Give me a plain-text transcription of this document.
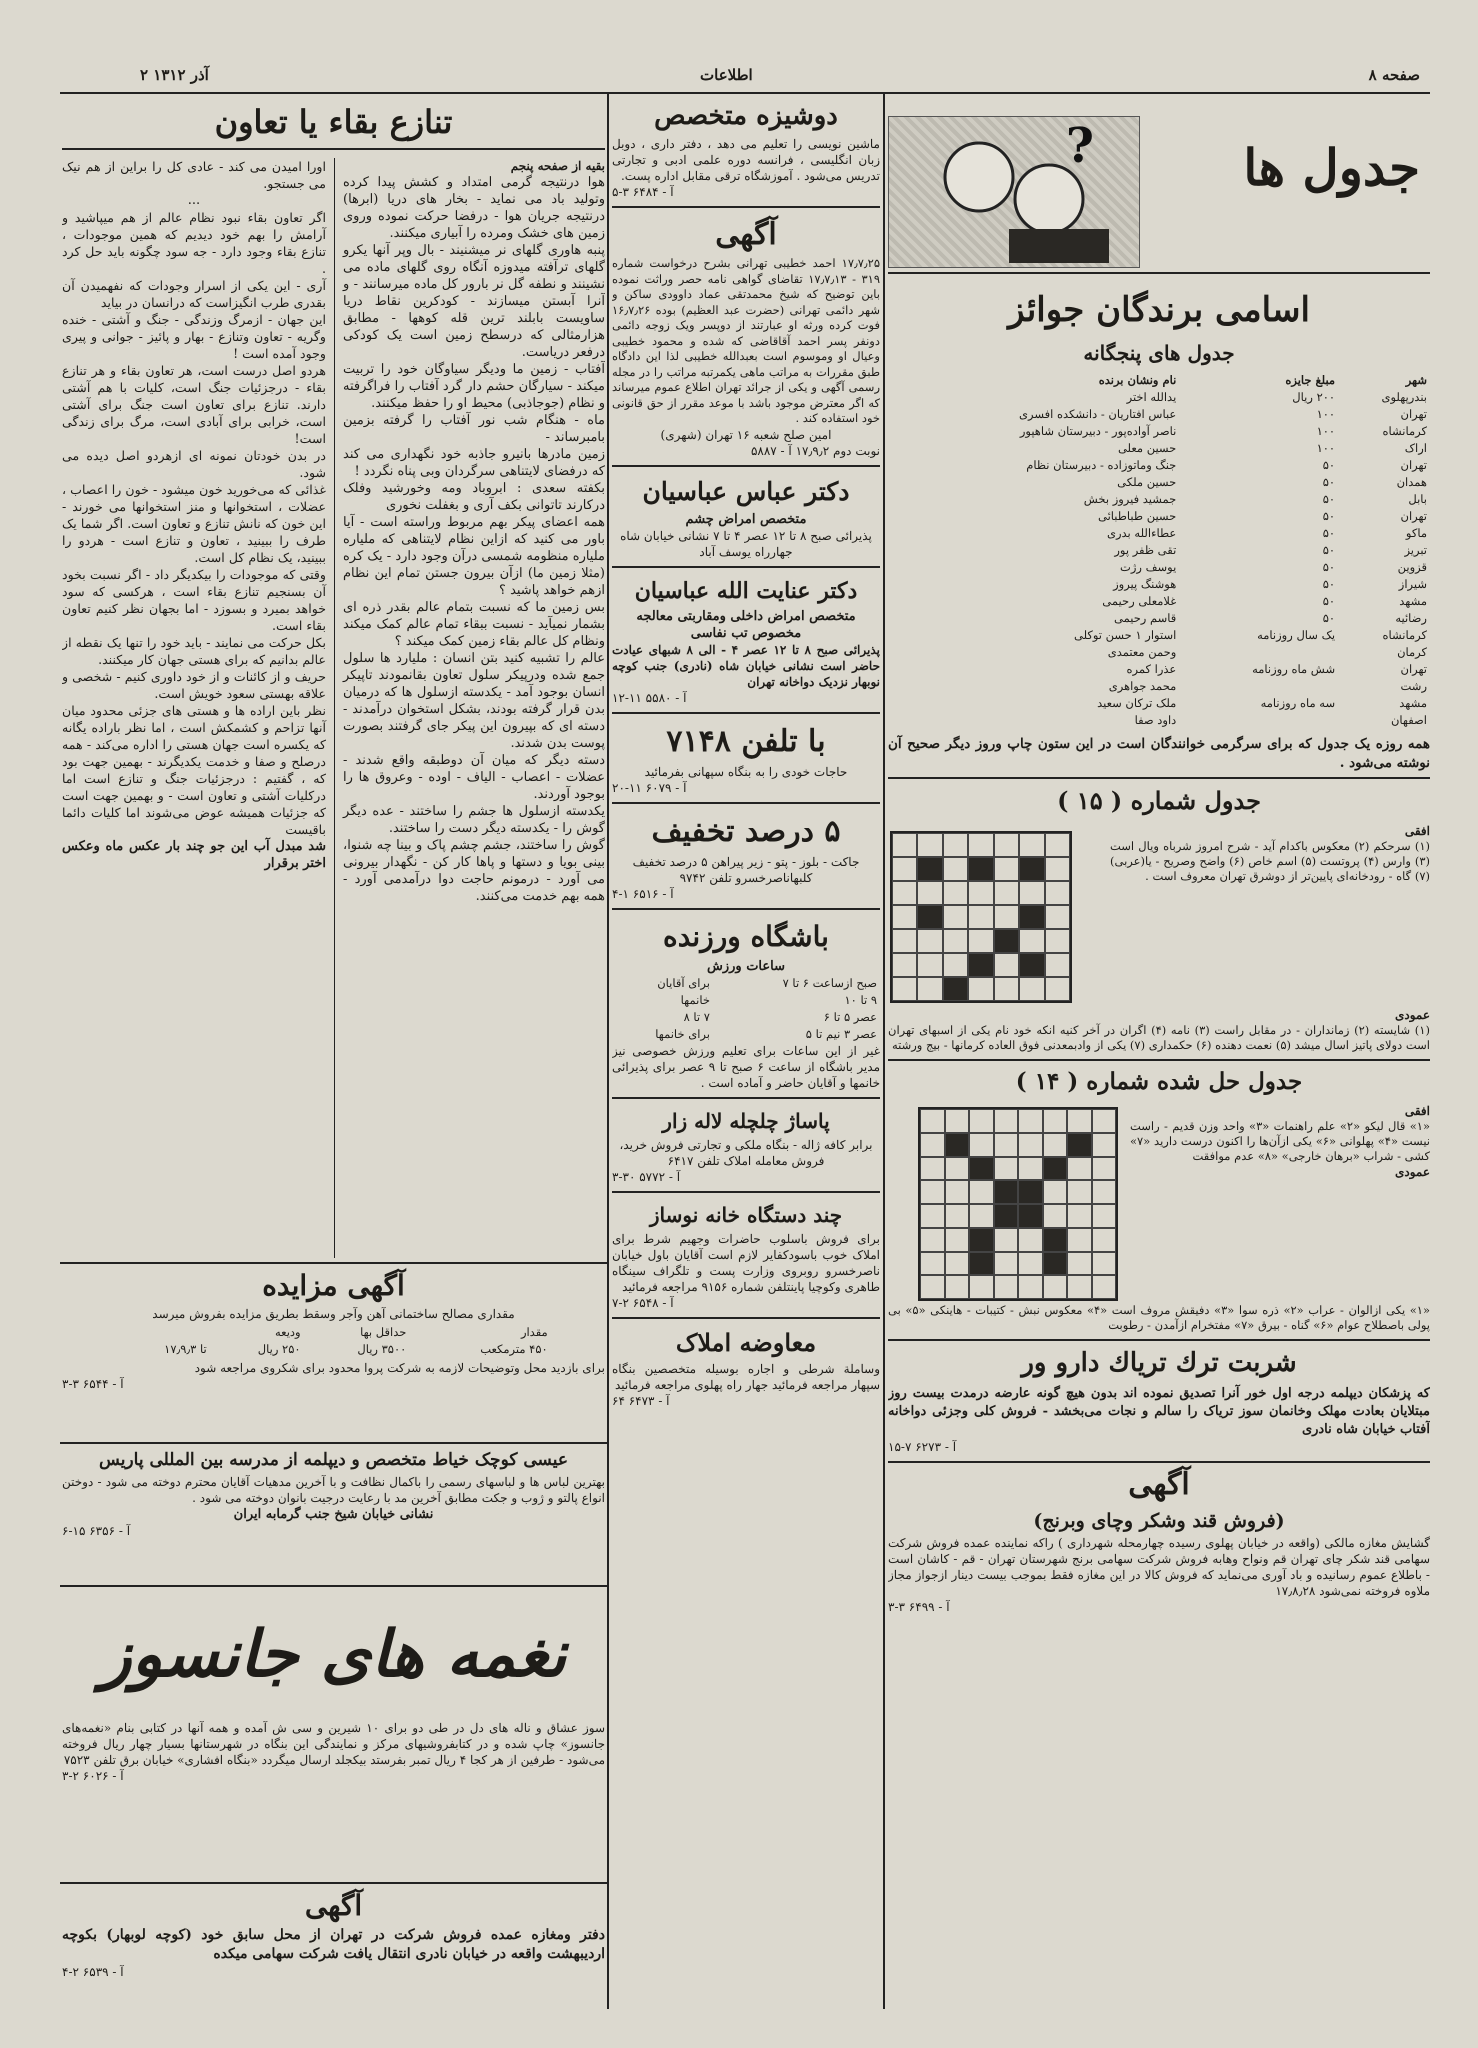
صفحه ۸
اطلاعات
۲ آذر ۱۳۱۲
تنازع بقاء یا تعاون

بقیه از صفحه پنجم

هوا درنتیجه گرمی امتداد و کشش پیدا کرده وتولید باد می نماید - بخار های دریا (ابرها) درنتیجه جریان هوا - درفضا حرکت نموده وروی زمین های خشک ومرده را آبیاری میکنند.

پنبه هاوری گلهای نر میشنیند - بال وپر آنها یکرو گلهای ترآفته میدوزه آنگاه روی گلهای ماده می نشینند و نطفه گل نر بارور کل ماده میرسانند - و آنرا آبستن میسازند - کودکرین نقاط دریا ساویست بابلند ترین قله کوهها - مطابق هزارمثالی که درسطح زمین است یک کودکی درفعر دریاست.

آفتاب - زمین ما ودیگر سیاوگان خود را تربیت میکند - سیارگان حشم دار گرد آفتاب را فراگرفته و نظام (جوجاذبی) محیط او را حفظ میکنند.

ماه - هنگام شب نور آفتاب را گرفته بزمین بامبرساند -

زمین مادرها بانیرو جاذبه خود نگهداری می کند که درفضای لایتناهی سرگردان وبی پناه نگردد !

بکفته سعدی : ابروباد ومه وخورشید وفلک درکارند تاتوانی بکف آری و بغفلت نخوری

همه اعضای پیکر بهم مربوط وراسته است - آیا باور می کنید که ازاین نظام لایتناهی که ملیاره ملیاره منظومه شمسی درآن وجود دارد - یک کره (مثلا زمین ما) ازآن بیرون جستن تمام این نظام ازهم خواهد پاشید ؟

بس زمین ما که نسبت بتمام عالم بقدر ذره ای بشمار نمیآید - نسبت ببقاء تمام عالم کمک میکند ونظام کل عالم بقاء زمین کمک میکند ؟

عالم را تشبیه کنید بتن انسان : ملیارد ها سلول جمع شده ودرپیکر سلول تعاون بقانمودند تاپیکر انسان بوجود آمد - یکدسته ازسلول ها که درمیان بدن قرار گرفته بودند، بشکل استخوان درآمدند - دسته ای که بپیرون این پیکر جای گرفتند بصورت پوست بدن شدند.

دسته دیگر که میان آن دوطبقه واقع شدند - عضلات - اعصاب - الیاف - اوده - وعروق ها را بوجود آوردند.

یکدسته ازسلول ها جشم را ساختند - عده دیگر گوش را - یکدسته دیگر دست را ساختند.

گوش را ساختند، جشم چشم پاک و بینا چه شنوا، بینی بویا و دستها و پاها کار کن - نگهدار بیرونی می آورد - درمونم حاجت دوا درآمدمی آورد - همه بهم خدمت می‌کنند.

اورا امیدن می کند - عادی کل را براین از هم نیک می جستجو.

...

اگر تعاون بقاء نبود نظام عالم از هم میپاشید و آرامش را بهم خود دیدیم که همین موجودات ، تنازع بقاء وجود دارد - جه سود چگونه باید حل کرد .

آری - این یکی از اسرار وجودات که نفهمیدن آن بقدری طرب انگیزاست که درانسان در بیاید

این جهان - ازمرگ وزندگی - جنگ و آشتی - خنده وگریه - تعاون وتنازع - بهار و پائیز - جوانی و پیری وجود آمده است !

هردو اصل درست است، هر تعاون بقاء و هر تنازع بقاء - درجزئیات جنگ است، کلیات با هم آشتی دارند. تنازع برای تعاون است جنگ برای آشتی است، خرابی برای آبادی است، مرگ برای زندگی است!

در بدن خودتان نمونه ای ازهردو اصل دیده می شود.

غذائی که می‌خورید خون میشود - خون را اعصاب ، عضلات ، استخوانها و منز استخوانها می خورند - این خون که نانش تنازع و تعاون است. اگر شما یک طرف را ببینید ، تعاون و تنازع است - هردو را ببینید، یک نظام کل است.

وقتی که موجودات را بیکدیگر داد - اگر نسبت بخود آن بسنجیم تنازع بقاء است ، هرکسی که سود خواهد بمیرد و بسوزد - اما بجهان نظر کنیم تعاون بقاء است.

بکل حرکت می نمایند - باید خود را تنها یک نقطه از عالم بدانیم که برای هستی جهان کار میکنند.

حریف و از کائنات و از خود داوری کنیم - شخصی و علاقه بهستی سعود خویش است.

نظر باین اراده ها و هستی های جزئی محدود میان آنها تزاحم و کشمکش است ، اما نظر باراده یگانه که یکسره است جهان هستی را اداره می‌کند - همه درصلح و صفا و خدمت یکدیگرند - بهمین جهت بود که ، گفتیم : درجزئیات جنگ و تنازع است اما درکلیات آشتی و تعاون است - و بهمین جهت است که جزئیات همیشه عوض می‌شوند اما کلیات دائما باقیست

شد مبدل آب این جو چند بار عکس ماه وعکس اختر برقرار

آگهی مزایده

مقداری مصالح ساختمانی آهن وآجر وسقط بطریق مزایده بفروش میرسد

مقدار	حداقل بها	ودیعه	
۴۵۰ مترمکعب	۳۵۰۰ ریال	۲۵۰ ریال	تا ۱۷٫۹٫۳

برای بازدید محل وتوضیحات لازمه به شرکت پروا محدود برای شکروی مراجعه شود

آ - ۶۵۴۴ ۳-۳

عیسی کوچک خیاط متخصص و دیپلمه از مدرسه بین المللی پاریس

بهترین لباس ها و لباسهای رسمی را باکمال نظافت و با آخرین مدهیات آقایان محترم دوخته می شود - دوختن انواع پالتو و ژوب و جکت مطابق آخرین مد با رعایت درجیت بانوان دوخته می شود .

نشانی خیابان شیخ جنب گرمابه ایران

آ - ۶۳۵۶ ۱۵-۶

نغمه های جانسوز

سوز عشاق و ناله های دل در طی دو برای ۱۰ شیرین و سی ش آمده و همه آنها در کتابی بنام «نغمه‌های جانسوز» چاپ شده و در کتابفروشیهای مرکز و نمایندگی این بنگاه در شهرستانها بسیار چهار ریال فروخته می‌شود - طرفین از هر کجا ۴ ریال تمبر بفرستد بیکجلد ارسال میگردد «بنگاه افشاری» خیابان برق تلفن ۷۵۲۳

آ - ۶۰۲۶ ۲-۳

آگهی

دفتر ومغازه عمده فروش شرکت در تهران از محل سابق خود (کوچه لوبهار) بکوچه اردیبهشت واقعه در خیابان نادری انتقال یافت شرکت سهامی میکده

آ - ۶۵۳۹ ۲-۴

دوشیزه متخصص

ماشین نویسی را تعلیم می دهد ، دفتر داری ، دوبل زبان انگلیسی ، فرانسه دوره علمی ادبی و تجارتی تدریس می‌شود . آموزشگاه ترقی مقابل اداره پست.

آ - ۶۴۸۴ ۳-۵

آگهی

۱۷٫۷٫۲۵ احمد خطیبی تهرانی بشرح درخواست شماره ۳۱۹ - ۱۷٫۷٫۱۳ تقاضای گواهی نامه حصر وراثت نموده باین توضیح که شیخ محمدتقی عماد داوودی ساکن و شهر دائمی تهرانی (حضرت عبد العظیم) بوده ۱۶٫۷٫۲۶ فوت کرده ورثه او عبارتند از دوپسر ویک زوجه دائمی دونفر پسر احمد آقاقاضی که شده و محمود خطیبی وعیال او وموسوم است بعبدالله خطیبی لذا این دادگاه طبق مقررات به مراتب ماهی یکمرتبه مراتب را در مجله رسمی آگهی و یکی از جرائد تهران اطلاع عموم میرساند که اگر معترض موجود باشد با موعد مقرر از حق قانونی خود استفاده کند .

امین صلح شعبه ۱۶ تهران (شهری)

نوبت دوم ۱۷٫۹٫۲ آ - ۵۸۸۷

دکتر عباس عباسیان

متخصص امراض چشم

پذیرائی صبح ۸ تا ۱۲ عصر ۴ تا ۷ نشانی خیابان شاه جهارراه یوسف آباد

دکتر عنایت الله عباسیان

متخصص امراض داخلی ومقاربتی معالجه مخصوص تب نفاسی

پذیرائی صبح ۸ تا ۱۲ عصر ۴ - الی ۸ شبهای عیادت حاضر است نشانی خیابان شاه (نادری) جنب کوچه نوبهار نزدیک دواخانه تهران

آ - ۵۵۸۰ ۱۱-۱۲

با تلفن ۷۱۴۸

حاجات خودی را به بنگاه سپهانی بفرمائید

آ - ۶۰۷۹ ۱۱-۲۰

۵ درصد تخفیف

جاکت - بلوز - پتو - زیر پیراهن ۵ درصد تخفیف کلبهاناصرخسرو تلفن ۹۷۴۲

آ - ۶۵۱۶ ۱-۴

باشگاه ورزنده

ساعات ورزش

صبح ازساعت ۶ تا ۷	برای آقایان
۹ تا ۱۰	خانمها
عصر ۵ تا ۶	۷ تا ۸
عصر ۳ نیم تا ۵	برای خانمها

غیر از این ساعات برای تعلیم ورزش خصوصی نیز مدیر باشگاه از ساعت ۶ صبح تا ۹ عصر برای پذیرائی خانمها و آقایان حاضر و آماده است .

پاساژ چلچله لاله زار

برابر کافه ژاله - بنگاه ملکی و تجارتی فروش خرید، فروش معامله املاک تلفن ۶۴۱۷

آ - ۵۷۷۲ ۳۰-۳

چند دستگاه خانه نوساز

برای فروش باسلوب حاضرات وجهیم شرط برای املاک خوب باسودکفایر لازم است آقایان باول خیابان ناصرخسرو روبروی وزارت پست و تلگراف سینگاه طاهری وکوچیا پاینتلفن شماره ۹۱۵۶ مراجعه فرمائید

آ - ۶۵۴۸ ۲-۷

معاوضه املاک

وساملة شرطی و اجاره بوسیله متخصصین بنگاه سپهار مراجعه فرمائید جهار راه پهلوی مراجعه فرمائید

آ - ۶۴۷۳ ۶۴

جدول ها
?
اسامی برندگان جوائز
جدول های پنجگانه
شهر	مبلغ جایزه	نام ونشان برنده
بندرپهلوی	۲۰۰ ریال	یدالله اختر
تهران	۱۰۰	عباس افتاریان - دانشکده افسری
کرمانشاه	۱۰۰	ناصر آواده‌پور - دبیرستان شاهپور
اراک	۱۰۰	حسین معلی
تهران	۵۰	جنگ وماتوزاده - دبیرستان نظام
همدان	۵۰	حسین ملکی
بابل	۵۰	جمشید فیروز بخش
تهران	۵۰	حسین طباطبائی
ماکو	۵۰	عطاءالله بدری
تبریز	۵۰	تقی ظفر پور
قزوین	۵۰	یوسف رژت
شیراز	۵۰	هوشنگ پیروز
مشهد	۵۰	غلامعلی رحیمی
رضائیه	۵۰	قاسم رحیمی
کرمانشاه	یک سال روزنامه	استوار ۱ حسن توکلی
کرمان		وحمن معتمدی
تهران	شش ماه روزنامه	عذرا کمره
رشت		محمد جواهری
مشهد	سه ماه روزنامه	ملک ترکان سعید
اصفهان		داود صفا

همه روزه یک جدول که برای سرگرمی خوانندگان است در این ستون چاپ وروز دیگر صحیح آن نوشته می‌شود .

جدول شماره ( ۱۵ )

افقی

(۱) سرحکم (۲) معکوس باکدام آید - شرح امروز شرباه ویال است (۳) وارس (۴) پروتست (۵) اسم خاص (۶) واضح وصریح - یا(عربی) (۷) گاه - رودخانه‌ای پایین‌تر از دوشرق تهران معروف است .

عمودی

(۱) شایسته (۲) زمانداران - در مقابل راست (۳) نامه (۴) اگران در آخر کنیه انکه خود نام یکی از اسبهای تهران است دولای پاتیز اسال میشد (۵) نعمت دهنده (۶) حکمداری (۷) یکی از وادبمعدنی فوق العاده کرمانها - بیج ورشته

جدول حل شده شماره ( ۱۴ )

افقی

«۱» قال لیکو «۲» علم راهنمات «۳» واحد وزن قدیم - راست نیست «۴» پهلوانی «۶» یکی ازآن‌ها را اکنون درست دارید «۷» کشی - شراب «برهان خارجی» «۸» عدم موافقت

عمودی

«۱» یکی ازالوان - عراب «۲» ذره سوا «۳» دفیقش مروف است «۴» معکوس نبش - کتیبات - هاینکی «۵» بی پولی باصطلاح عوام «۶» گناه - بیرق «۷» مفتخرام ازآمدن - رطوبت

شربت ترك ترياك دارو ور

که پزشکان دیپلمه درجه اول خور آنرا تصدیق نموده اند بدون هیچ گونه عارضه درمدت بیست روز مبتلایان بعادت مهلک وخانمان سوز تریاک را سالم و نجات می‌بخشد - فروش کلی وجزئی دواخانه آفتاب خیابان شاه نادری

آ - ۶۲۷۳ ۷-۱۵

آگهی
(فروش قند وشکر وچای وبرنج)

گشایش مغازه مالکی (واقعه در خیابان پهلوی رسیده چهارمحله شهرداری ) راکه نماینده عمده فروش شرکت سهامی قند شکر چای تهران قم ونواح وهابه فروش شرکت سهامی برنج شهرستان تهران - قم - کاشان است - باطلاع عموم رسانیده و باد آوری می‌نماید که فروش کالا در این مغازه فقط بموجب بیست دینار ازجواز مجاز ملاوه فروخته نمی‌شود ۱۷٫۸٫۲۸

آ - ۶۴۹۹ ۳-۳
